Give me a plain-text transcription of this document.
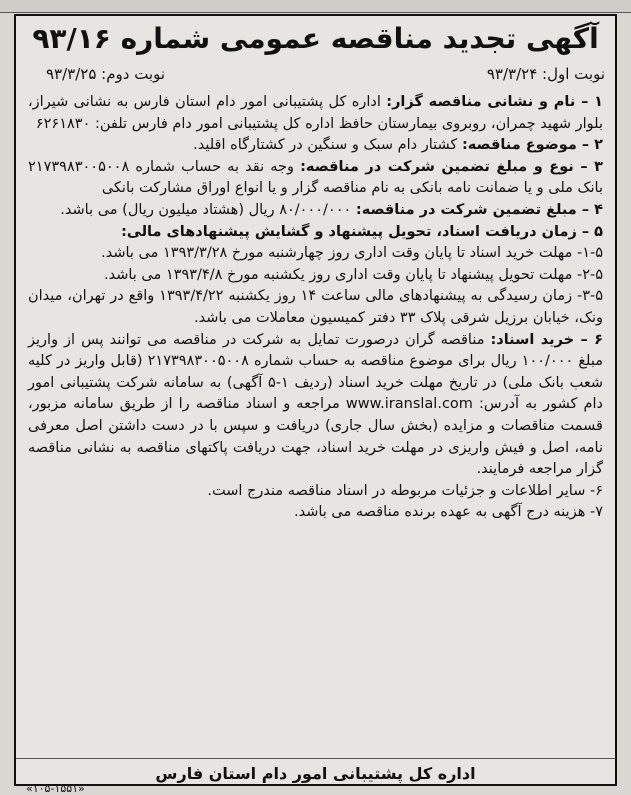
آگهی تجدید مناقصه عمومی شماره ۹۳/۱۶
نوبت اول: ۹۳/۳/۲۴
نوبت دوم: ۹۳/۳/۲۵

۱ – نام و نشانی مناقصه گزار: اداره کل پشتیبانی امور دام استان فارس به نشانی شیراز، بلوار شهید چمران، روبروی بیمارستان حافظ اداره کل پشتیبانی امور دام فارس تلفن: ۶۲۶۱۸۳۰

۲ – موضوع مناقصه: کشتار دام سبک و سنگین در کشتارگاه اقلید.

۳ – نوع و مبلغ تضمین شرکت در مناقصه: وجه نقد به حساب شماره ۲۱۷۳۹۸۳۰۰۵۰۰۸ بانک ملی و یا ضمانت نامه بانکی به نام مناقصه گزار و یا انواع اوراق مشارکت بانکی

۴ – مبلغ تضمین شرکت در مناقصه: ۸۰/۰۰۰/۰۰۰ ریال (هشتاد میلیون ریال) می باشد.

۵ – زمان دریافت اسناد، تحویل پیشنهاد و گشایش پیشنهادهای مالی:

۱-۵- مهلت خرید اسناد تا پایان وقت اداری روز چهارشنبه مورخ ۱۳۹۳/۳/۲۸ می باشد.

۲-۵- مهلت تحویل پیشنهاد تا پایان وقت اداری روز یکشنبه مورخ ۱۳۹۳/۴/۸ می باشد.

۳-۵- زمان رسیدگی به پیشنهادهای مالی ساعت ۱۴ روز یکشنبه ۱۳۹۳/۴/۲۲ واقع در تهران، میدان ونک، خیابان برزیل شرقی پلاک ۳۳ دفتر کمیسیون معاملات می باشد.

۶ – خرید اسناد: مناقصه گران درصورت تمایل به شرکت در مناقصه می توانند پس از واریز مبلغ ۱۰۰/۰۰۰ ریال برای موضوع مناقصه به حساب شماره ۲۱۷۳۹۸۳۰۰۵۰۰۸ (قابل واریز در کلیه شعب بانک ملی) در تاریخ مهلت خرید اسناد (ردیف ۱-۵ آگهی) به سامانه شرکت پشتیبانی امور دام کشور به آدرس: www.iranslal.com مراجعه و اسناد مناقصه را از طریق سامانه مزبور، قسمت مناقصات و مزایده (بخش سال جاری) دریافت و سپس با در دست داشتن اصل معرفی نامه، اصل و فیش واریزی در مهلت خرید اسناد، جهت دریافت پاکتهای مناقصه به نشانی مناقصه گزار مراجعه فرمایند.

۶- سایر اطلاعات و جزئیات مربوطه در اسناد مناقصه مندرج است.

۷- هزینه درج آگهی به عهده برنده مناقصه می باشد.

اداره کل پشتیبانی امور دام استان فارس
«۱۰۵-۱۵۵۱»
